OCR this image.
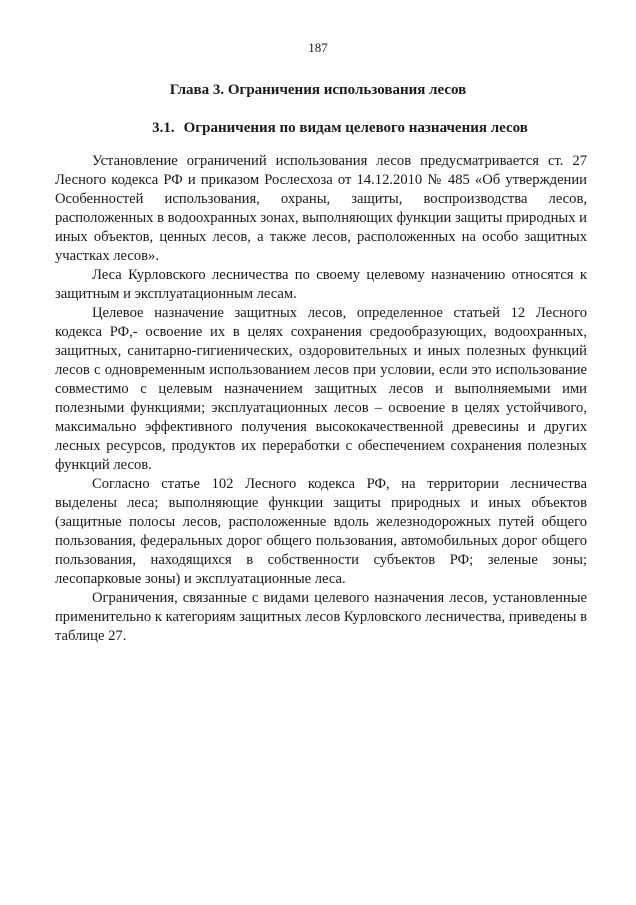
187
Глава 3. Ограничения использования лесов
3.1. Ограничения по видам целевого назначения лесов

Установление ограничений использования лесов предусматривается ст. 27 Лесного кодекса РФ и приказом Рослесхоза от 14.12.2010 № 485 «Об утверждении Особенностей использования, охраны, защиты, воспроизводства лесов, расположенных в водоохранных зонах, выполняющих функции защиты природных и иных объектов, ценных лесов, а также лесов, расположенных на особо защитных участках лесов».

Леса Курловского лесничества по своему целевому назначению относятся к защитным и эксплуатационным лесам.

Целевое назначение защитных лесов, определенное статьей 12 Лесного кодекса РФ,- освоение их в целях сохранения средообразующих, водоохранных, защитных, санитарно-гигиенических, оздоровительных и иных полезных функций лесов с одновременным использованием лесов при условии, если это использование совместимо с целевым назначением защитных лесов и выполняемыми ими полезными функциями; эксплуатационных лесов – освоение в целях устойчивого, максимально эффективного получения высококачественной древесины и других лесных ресурсов, продуктов их переработки с обеспечением сохранения полезных функций лесов.

Согласно статье 102 Лесного кодекса РФ, на территории лесничества выделены леса; выполняющие функции защиты природных и иных объектов (защитные полосы лесов, расположенные вдоль железнодорожных путей общего пользования, федеральных дорог общего пользования, автомобильных дорог общего пользования, находящихся в собственности субъектов РФ; зеленые зоны; лесопарковые зоны) и эксплуатационные леса.

Ограничения, связанные с видами целевого назначения лесов, установленные применительно к категориям защитных лесов Курловского лесничества, приведены в таблице 27.
